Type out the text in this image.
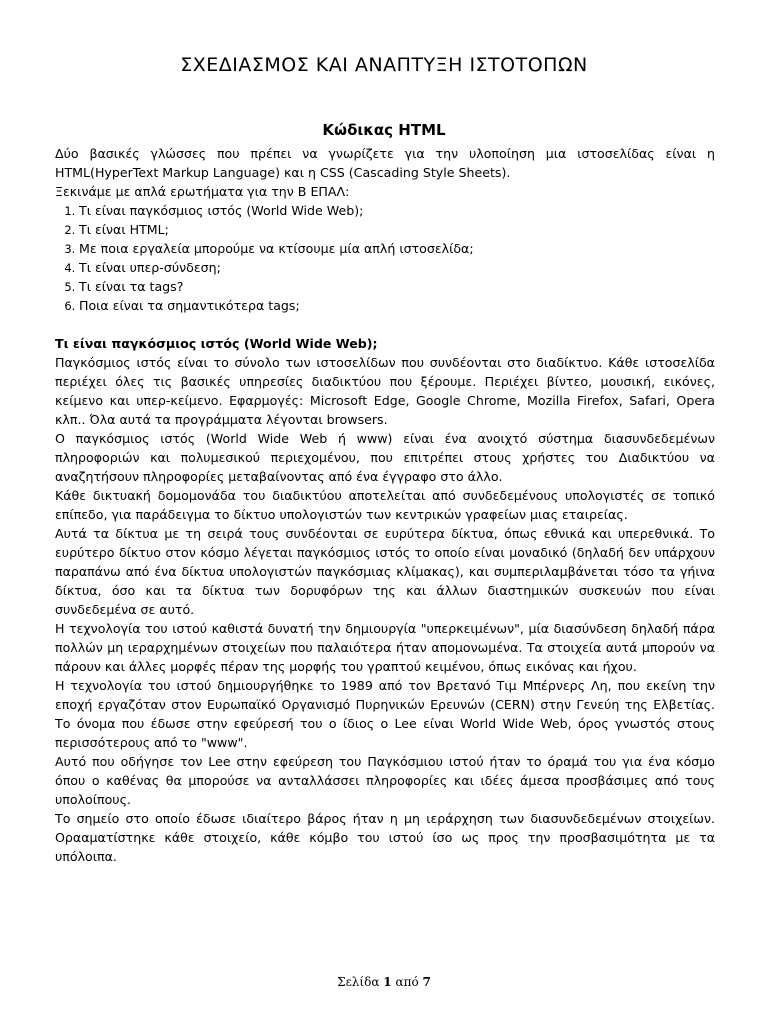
ΣΧΕΔΙΑΣΜΟΣ ΚΑΙ ΑΝΑΠΤΥΞΗ ΙΣΤΟΤΟΠΩΝ
Κώδικας HTML

Δύο βασικές γλώσσες που πρέπει να γνωρίζετε για την υλοποίηση μια ιστοσελίδας είναι η HTML(HyperText Markup Language) και η CSS (Cascading Style Sheets).

Ξεκινάμε με απλά ερωτήματα για την Β ΕΠΑΛ:

1. Τι είναι παγκόσμιος ιστός (World Wide Web);
2. Τι είναι HTML;
3. Με ποια εργαλεία μπορούμε να κτίσουμε μία απλή ιστοσελίδα;
4. Τι είναι υπερ-σύνδεση;
5. Τι είναι τα tags?
6. Ποια είναι τα σημαντικότερα tags;

Τι είναι παγκόσμιος ιστός (World Wide Web);

Παγκόσμιος ιστός είναι το σύνολο των ιστοσελίδων που συνδέονται στο διαδίκτυο. Κάθε ιστοσελίδα περιέχει όλες τις βασικές υπηρεσίες διαδικτύου που ξέρουμε. Περιέχει βίντεο, μουσική, εικόνες, κείμενο και υπερ-κείμενο. Εφαρμογές: Microsoft Edge, Google Chrome, Mozilla Firefox, Safari, Opera κλπ.. Όλα αυτά τα προγράμματα λέγονται browsers.

Ο παγκόσμιος ιστός (World Wide Web ή www) είναι ένα ανοιχτό σύστημα διασυνδεδεμένων πληροφοριών και πολυμεσικού περιεχομένου, που επιτρέπει στους χρήστες του Διαδικτύου να αναζητήσουν πληροφορίες μεταβαίνοντας από ένα έγγραφο στο άλλο.

Κάθε δικτυακή δομομονάδα του διαδικτύου αποτελείται από συνδεδεμένους υπολογιστές σε τοπικό επίπεδο, για παράδειγμα το δίκτυο υπολογιστών των κεντρικών γραφείων μιας εταιρείας.

Αυτά τα δίκτυα με τη σειρά τους συνδέονται σε ευρύτερα δίκτυα, όπως εθνικά και υπερεθνικά. Το ευρύτερο δίκτυο στον κόσμο λέγεται παγκόσμιος ιστός το οποίο είναι μοναδικό (δηλαδή δεν υπάρχουν παραπάνω από ένα δίκτυα υπολογιστών παγκόσμιας κλίμακας), και συμπεριλαμβάνεται τόσο τα γήινα δίκτυα, όσο και τα δίκτυα των δορυφόρων της και άλλων διαστημικών συσκευών που είναι συνδεδεμένα σε αυτό.

Η τεχνολογία του ιστού καθιστά δυνατή την δημιουργία "υπερκειμένων", μία διασύνδεση δηλαδή πάρα πολλών μη ιεραρχημένων στοιχείων που παλαιότερα ήταν απομονωμένα. Τα στοιχεία αυτά μπορούν να πάρουν και άλλες μορφές πέραν της μορφής του γραπτού κειμένου, όπως εικόνας και ήχου.

Η τεχνολογία του ιστού δημιουργήθηκε το 1989 από τον Βρετανό Τιμ Μπέρνερς Λη, που εκείνη την εποχή εργαζόταν στον Ευρωπαϊκό Οργανισμό Πυρηνικών Ερευνών (CERN) στην Γενεύη της Ελβετίας. Το όνομα που έδωσε στην εφεύρεσή του ο ίδιος ο Lee είναι World Wide Web, όρος γνωστός στους περισσότερους από το "www".

Αυτό που οδήγησε τον Lee στην εφεύρεση του Παγκόσμιου ιστού ήταν το όραμά του για ένα κόσμο όπου ο καθένας θα μπορούσε να ανταλλάσσει πληροφορίες και ιδέες άμεσα προσβάσιμες από τους υπολοίπους.

Το σημείο στο οποίο έδωσε ιδιαίτερο βάρος ήταν η μη ιεράρχηση των διασυνδεδεμένων στοιχείων. Ορααματίστηκε κάθε στοιχείο, κάθε κόμβο του ιστού ίσο ως προς την προσβασιμότητα με τα υπόλοιπα.

Σελίδα 1 από 7
